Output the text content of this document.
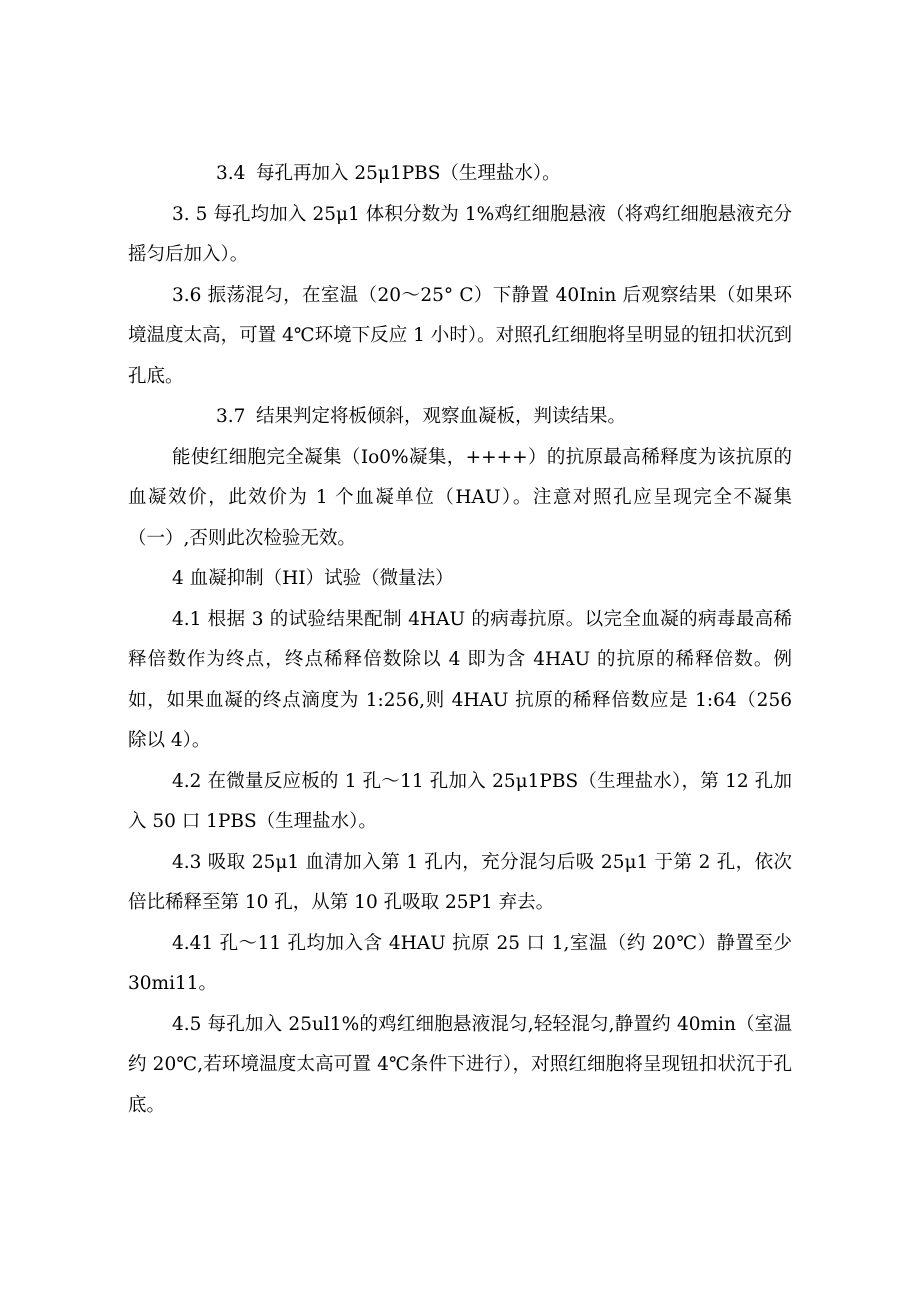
3.4 每孔再加入 25μ1PBS（生理盐水）。

3. 5 每孔均加入 25μ1 体积分数为 1%鸡红细胞悬液（将鸡红细胞悬液充分摇匀后加入）。

3.6 振荡混匀，在室温（20～25° C）下静置 40Inin 后观察结果（如果环境温度太高，可置 4℃环境下反应 1 小时）。对照孔红细胞将呈明显的钮扣状沉到孔底。

3.7 结果判定将板倾斜，观察血凝板，判读结果。

能使红细胞完全凝集（Io0%凝集，++++）的抗原最高稀释度为该抗原的血凝效价，此效价为 1 个血凝单位（HAU）。注意对照孔应呈现完全不凝集（一）,否则此次检验无效。

4 血凝抑制（HI）试验（微量法）

4.1 根据 3 的试验结果配制 4HAU 的病毒抗原。以完全血凝的病毒最高稀释倍数作为终点，终点稀释倍数除以 4 即为含 4HAU 的抗原的稀释倍数。例如，如果血凝的终点滴度为 1:256,则 4HAU 抗原的稀释倍数应是 1:64（256 除以 4）。

4.2 在微量反应板的 1 孔～11 孔加入 25μ1PBS（生理盐水），第 12 孔加入 50 口 1PBS（生理盐水）。

4.3 吸取 25μ1 血清加入第 1 孔内，充分混匀后吸 25μ1 于第 2 孔，依次倍比稀释至第 10 孔，从第 10 孔吸取 25P1 弃去。

4.41 孔～11 孔均加入含 4HAU 抗原 25 口 1,室温（约 20℃）静置至少 30mi11。

4.5 每孔加入 25ul1%的鸡红细胞悬液混匀,轻轻混匀,静置约 40min（室温约 20℃,若环境温度太高可置 4℃条件下进行），对照红细胞将呈现钮扣状沉于孔底。
